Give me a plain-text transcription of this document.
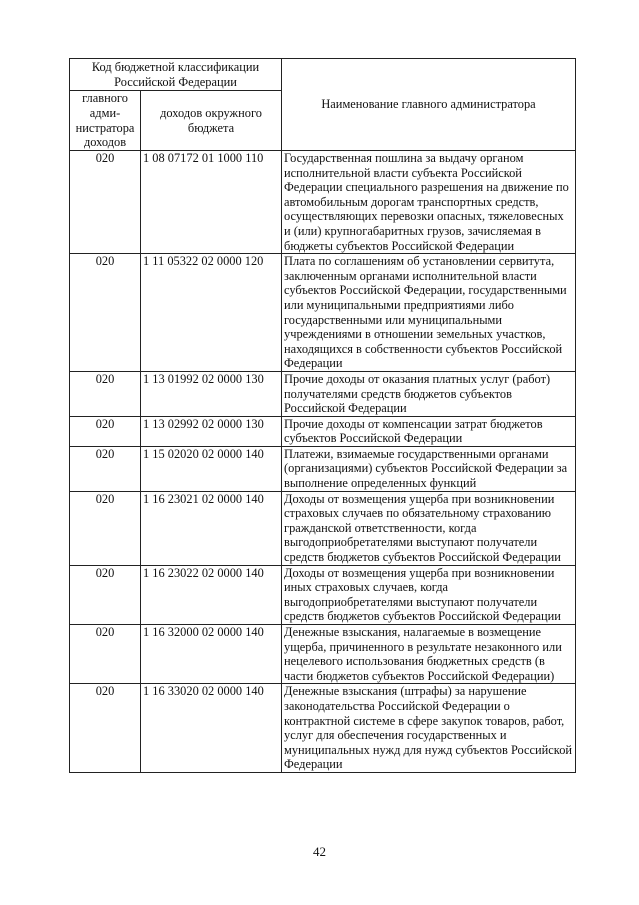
Код бюджетной классификации Российской Федерации		Наименование главного администратора
главного адми-нистратора доходов	доходов окружного бюджета	
020	1 08 07172 01 1000 110	Государственная пошлина за выдачу органом исполнительной власти субъекта Российской Федерации специального разрешения на движение по автомобильным дорогам транспортных средств, осуществляющих перевозки опасных, тяжеловесных и (или) крупногабаритных грузов, зачисляемая в бюджеты субъектов Российской Федерации
020	1 11 05322 02 0000 120	Плата по соглашениям об установлении сервитута, заключенным органами исполнительной власти субъектов Российской Федерации, государственными или муниципальными предприятиями либо государственными или муниципальными учреждениями в отношении земельных участков, находящихся в собственности субъектов Российской Федерации
020	1 13 01992 02 0000 130	Прочие доходы от оказания платных услуг (работ) получателями средств бюджетов субъектов Российской Федерации
020	1 13 02992 02 0000 130	Прочие доходы от компенсации затрат бюджетов субъектов Российской Федерации
020	1 15 02020 02 0000 140	Платежи, взимаемые государственными органами (организациями) субъектов Российской Федерации за выполнение определенных функций
020	1 16 23021 02 0000 140	Доходы от возмещения ущерба при возникновении страховых случаев по обязательному страхованию гражданской ответственности, когда выгодоприобретателями выступают получатели средств бюджетов субъектов Российской Федерации
020	1 16 23022 02 0000 140	Доходы от возмещения ущерба при возникновении иных страховых случаев, когда выгодоприобретателями выступают получатели средств бюджетов субъектов Российской Федерации
020	1 16 32000 02 0000 140	Денежные взыскания, налагаемые в возмещение ущерба, причиненного в результате незаконного или нецелевого использования бюджетных средств (в части бюджетов субъектов Российской Федерации)
020	1 16 33020 02 0000 140	Денежные взыскания (штрафы) за нарушение законодательства Российской Федерации о контрактной системе в сфере закупок товаров, работ, услуг для обеспечения государственных и муниципальных нужд для нужд субъектов Российской Федерации
42
